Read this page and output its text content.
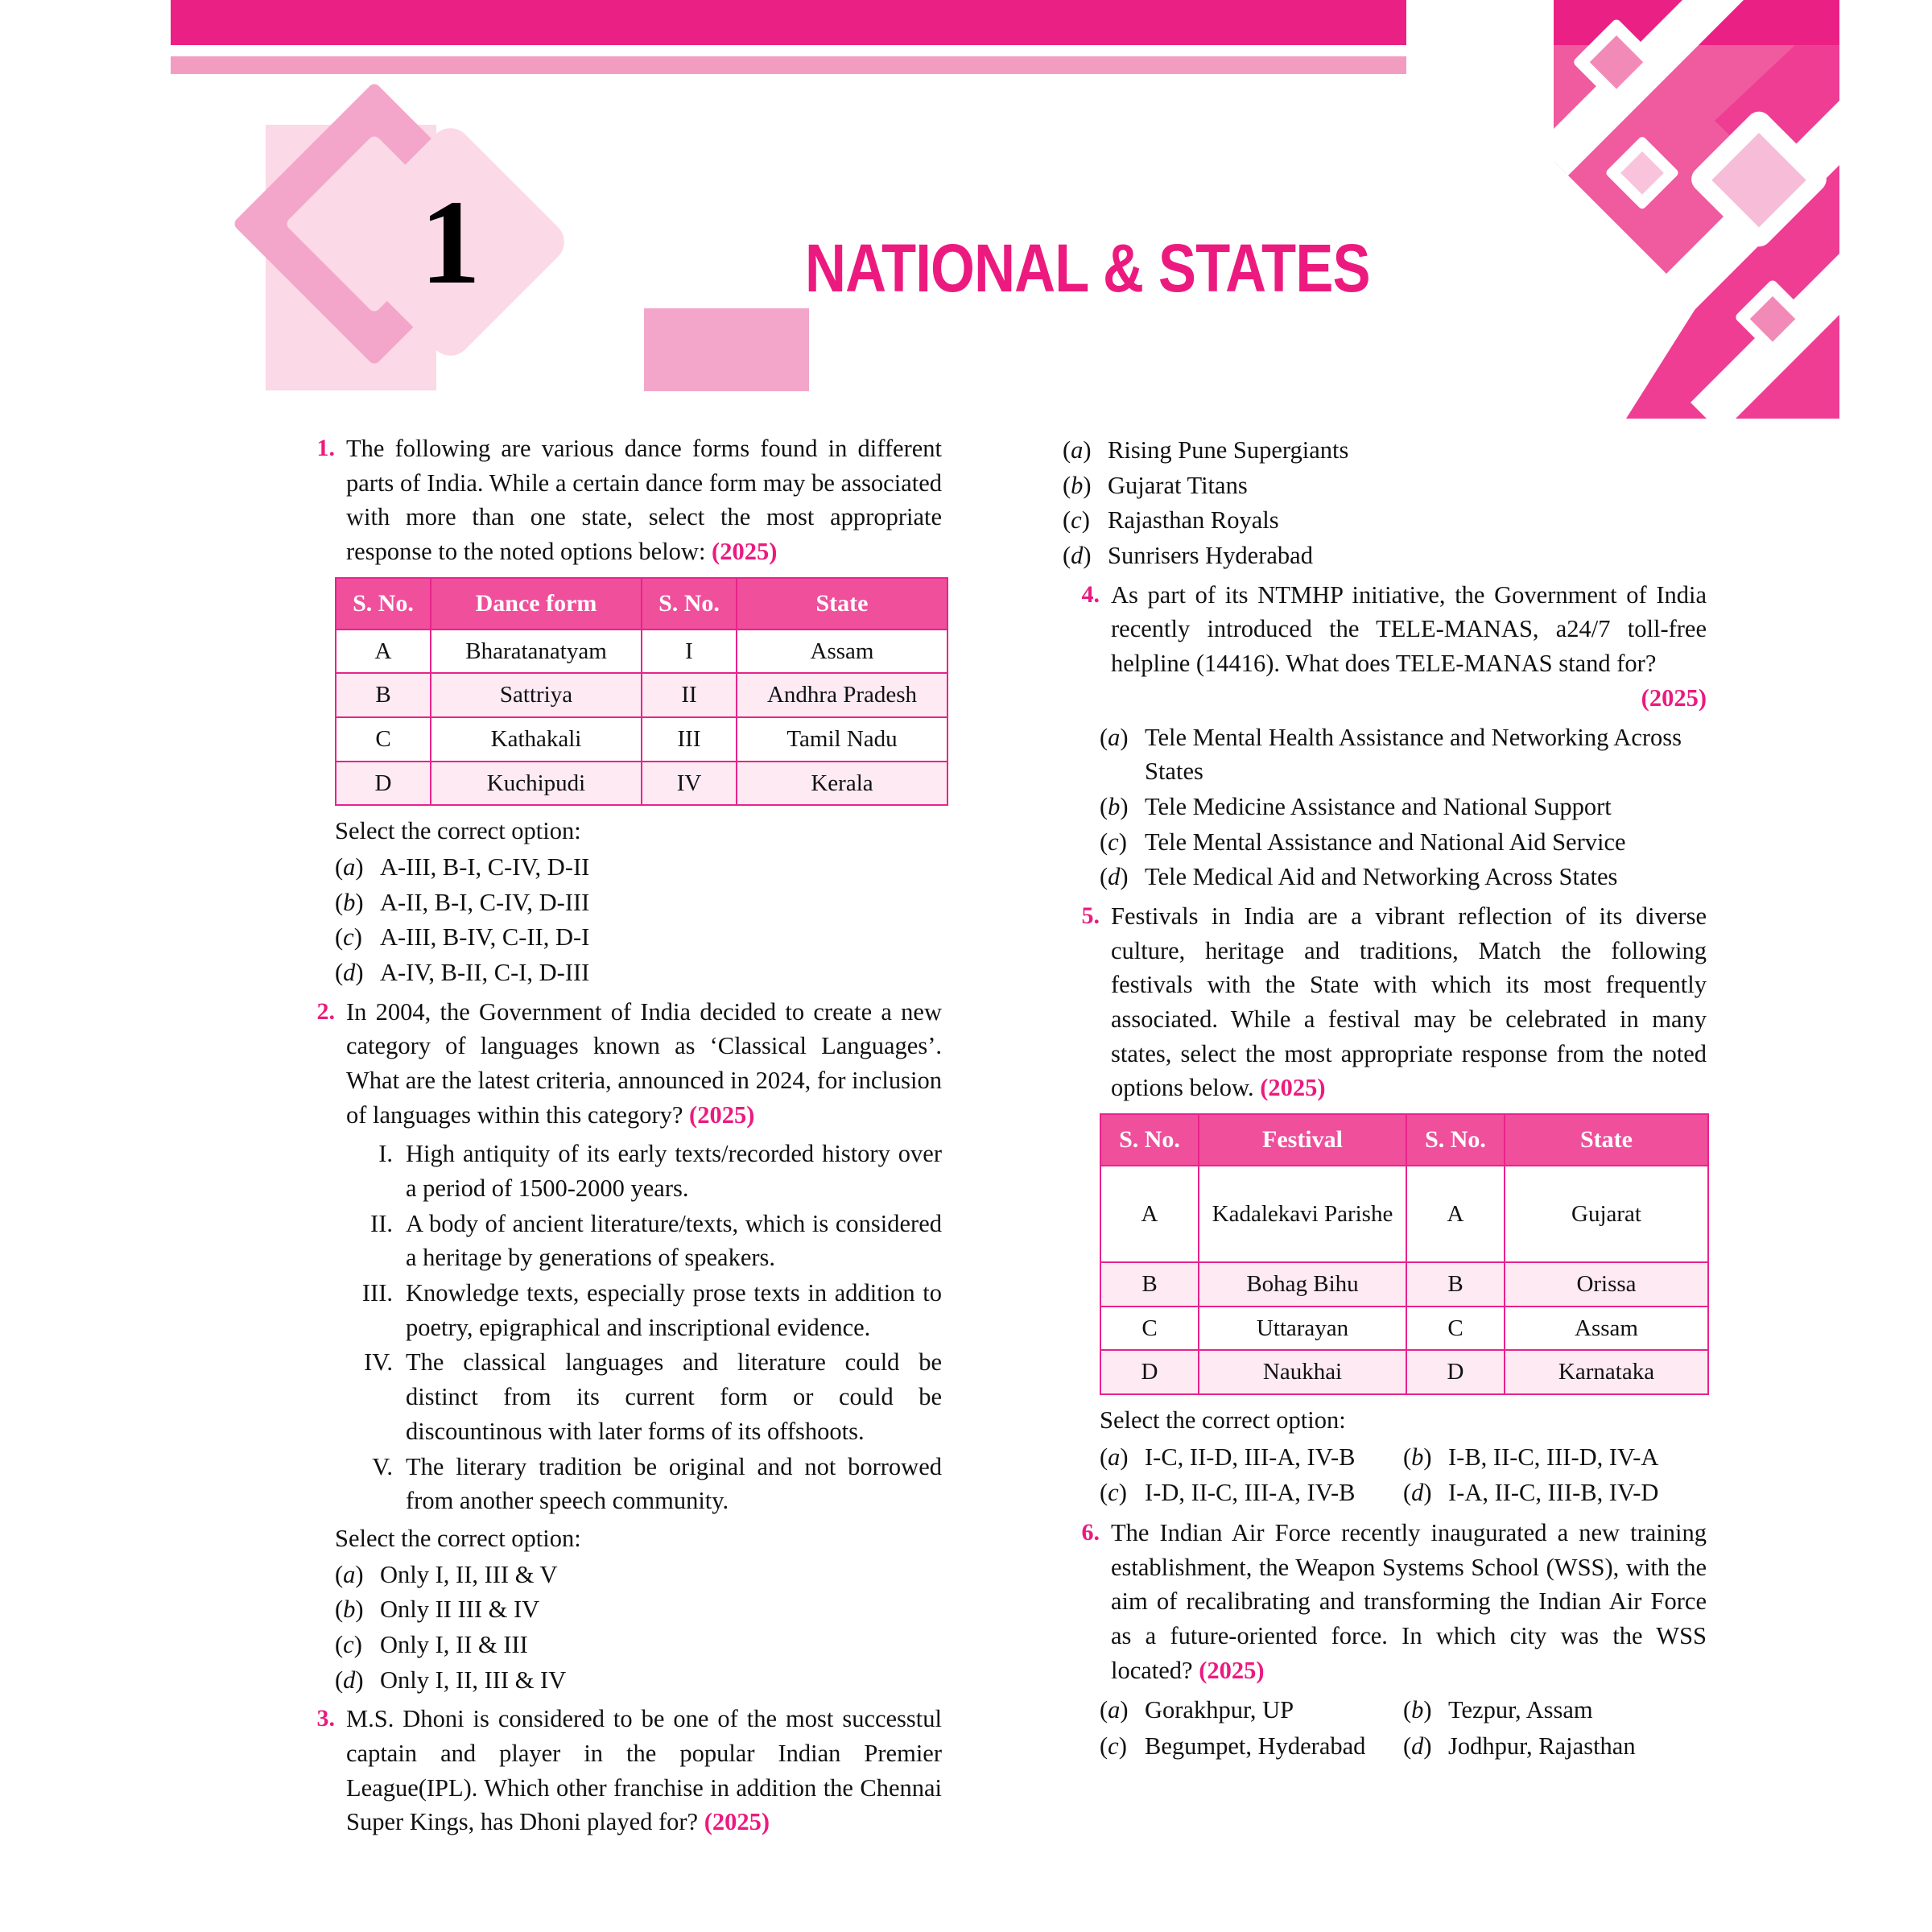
1	NATIONAL & STATES
1. The following are various dance forms found in different parts of India. While a certain dance form may be associated with more than one state, select the most appropriate response to the noted options below: (2025)
S. No.	Dance form	S. No.	State
A	Bharatanatyam	I	Assam
B	Sattriya	II	Andhra Pradesh
C	Kathakali	III	Tamil Nadu
D	Kuchipudi	IV	Kerala
Select the correct option:
(a) A-III, B-I, C-IV, D-II
(b) A-II, B-I, C-IV, D-III
(c) A-III, B-IV, C-II, D-I
(d) A-IV, B-II, C-I, D-III
2. In 2004, the Government of India decided to create a new category of languages known as ‘Classical Languages’. What are the latest criteria, announced in 2024, for inclusion of languages within this category? (2025)
I. High antiquity of its early texts/recorded history over a period of 1500-2000 years.
II. A body of ancient literature/texts, which is considered a heritage by generations of speakers.
III. Knowledge texts, especially prose texts in addition to poetry, epigraphical and inscriptional evidence.
IV. The classical languages and literature could be distinct from its current form or could be discountinous with later forms of its offshoots.
V. The literary tradition be original and not borrowed from another speech community.
Select the correct option:
(a) Only I, II, III & V
(b) Only II III & IV
(c) Only I, II & III
(d) Only I, II, III & IV
3. M.S. Dhoni is considered to be one of the most successtul captain and player in the popular Indian Premier League(IPL). Which other franchise in addition the Chennai Super Kings, has Dhoni played for? (2025)
(a) Rising Pune Supergiants
(b) Gujarat Titans
(c) Rajasthan Royals
(d) Sunrisers Hyderabad
4. As part of its NTMHP initiative, the Government of India recently introduced the TELE-MANAS, a24/7 toll-free helpline (14416). What does TELE-MANAS stand for?

(2025)
(a) Tele Mental Health Assistance and Networking Across States
(b) Tele Medicine Assistance and National Support
(c) Tele Mental Assistance and National Aid Service
(d) Tele Medical Aid and Networking Across States
5. Festivals in India are a vibrant reflection of its diverse culture, heritage and traditions, Match the following festivals with the State with which its most frequently associated. While a festival may be celebrated in many states, select the most appropriate response from the noted options below. (2025)
S. No.	Festival	S. No.	State
A	Kadalekavi Parishe	A	Gujarat
B	Bohag Bihu	B	Orissa
C	Uttarayan	C	Assam
D	Naukhai	D	Karnataka
Select the correct option:
(a) I-C, II-D, III-A, IV-B	(b) I-B, II-C, III-D, IV-A
(c) I-D, II-C, III-A, IV-B	(d) I-A, II-C, III-B, IV-D
6. The Indian Air Force recently inaugurated a new training establishment, the Weapon Systems School (WSS), with the aim of recalibrating and transforming the Indian Air Force as a future-oriented force. In which city was the WSS located? (2025)
(a) Gorakhpur, UP	(b) Tezpur, Assam
(c) Begumpet, Hyderabad	(d) Jodhpur, Rajasthan
